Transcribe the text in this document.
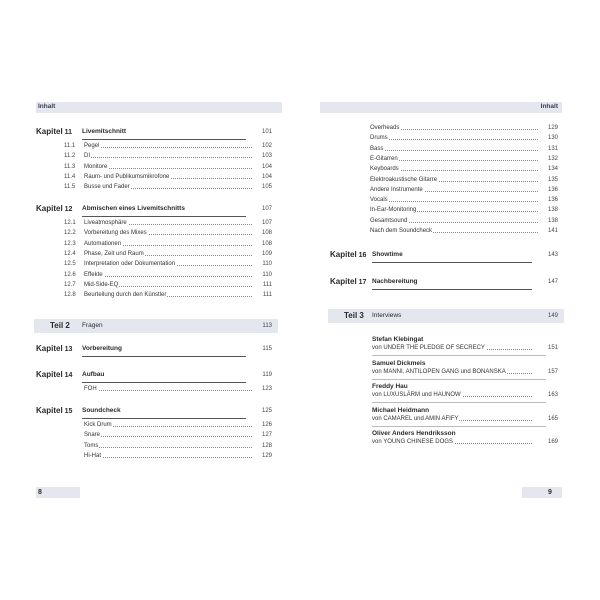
Inhalt
Kapitel 11 Livemitschnitt	101
11.1 Pegel	102
11.2 DI	103
11.3 Monitore	104
11.4 Raum- und Publikumsmikrofone	104
11.5 Busse und Fader	105
Kapitel 12 Abmischen eines Livemitschnitts	107
12.1 Liveatmosphäre	107
12.2 Vorbereitung des Mixes	108
12.3 Automationen	108
12.4 Phase, Zeit und Raum	109
12.5 Interpretation oder Dokumentation	110
12.6 Effekte	110
12.7 Mid-Side-EQ	111
12.8 Beurteilung durch den Künstler	111
Teil 2 Fragen	113
Kapitel 13 Vorbereitung	115
Kapitel 14 Aufbau	119
FOH	123
Kapitel 15 Soundcheck	125
Kick Drum	126
Snare	127
Toms	128
Hi-Hat	129
8
Inhalt
Overheads	129
Drums	130
Bass	131
E-Gitarren	132
Keyboards	134
Elektroakustische Gitarre	135
Andere Instrumente	136
Vocals	136
In-Ear-Monitoring	138
Gesamtsound	138
Nach dem Soundcheck	141
Kapitel 16 Showtime	143
Kapitel 17 Nachbereitung	147
Teil 3 Interviews	149
Stefan Klebingat
von UNDER THE PLEDGE OF SECRECY	151
Samuel Dickmeis
von MANNI, ANTILOPEN GANG und BONANSKA	157
Freddy Hau
von LUXUSLÄRM und HAUNOW	163
Michael Heidmann
von CAMAREL und AMIN AFIFY	165
Oliver Anders Hendriksson
von YOUNG CHINESE DOGS	169
9
